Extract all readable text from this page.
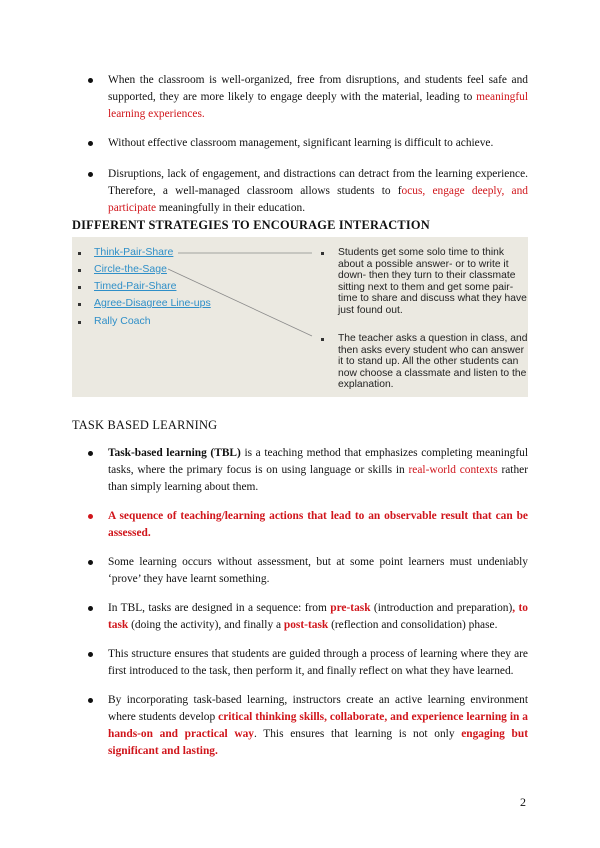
When the classroom is well-organized, free from disruptions, and students feel safe and supported, they are more likely to engage deeply with the material, leading to meaningful learning experiences.
Without effective classroom management, significant learning is difficult to achieve.
Disruptions, lack of engagement, and distractions can detract from the learning experience. Therefore, a well-managed classroom allows students to focus, engage deeply, and participate meaningfully in their education.
DIFFERENT STRATEGIES TO ENCOURAGE INTERACTION
Think-Pair-Share
Circle-the-Sage
Timed-Pair-Share
Agree-Disagree Line-ups
Rally Coach
Students get some solo time to think about a possible answer- or to write it down- then they turn to their classmate sitting next to them and get some pair-time to share and discuss what they have just found out.
The teacher asks a question in class, and then asks every student who can answer it to stand up. All the other students can now choose a classmate and listen to the explanation.
TASK BASED LEARNING
Task-based learning (TBL) is a teaching method that emphasizes completing meaningful tasks, where the primary focus is on using language or skills in real-world contexts rather than simply learning about them.
A sequence of teaching/learning actions that lead to an observable result that can be assessed.
Some learning occurs without assessment, but at some point learners must undeniably ‘prove’ they have learnt something.
In TBL, tasks are designed in a sequence: from pre-task (introduction and preparation), to task (doing the activity), and finally a post-task (reflection and consolidation) phase.
This structure ensures that students are guided through a process of learning where they are first introduced to the task, then perform it, and finally reflect on what they have learned.
By incorporating task-based learning, instructors create an active learning environment where students develop critical thinking skills, collaborate, and experience learning in a hands-on and practical way. This ensures that learning is not only engaging but significant and lasting.
2
